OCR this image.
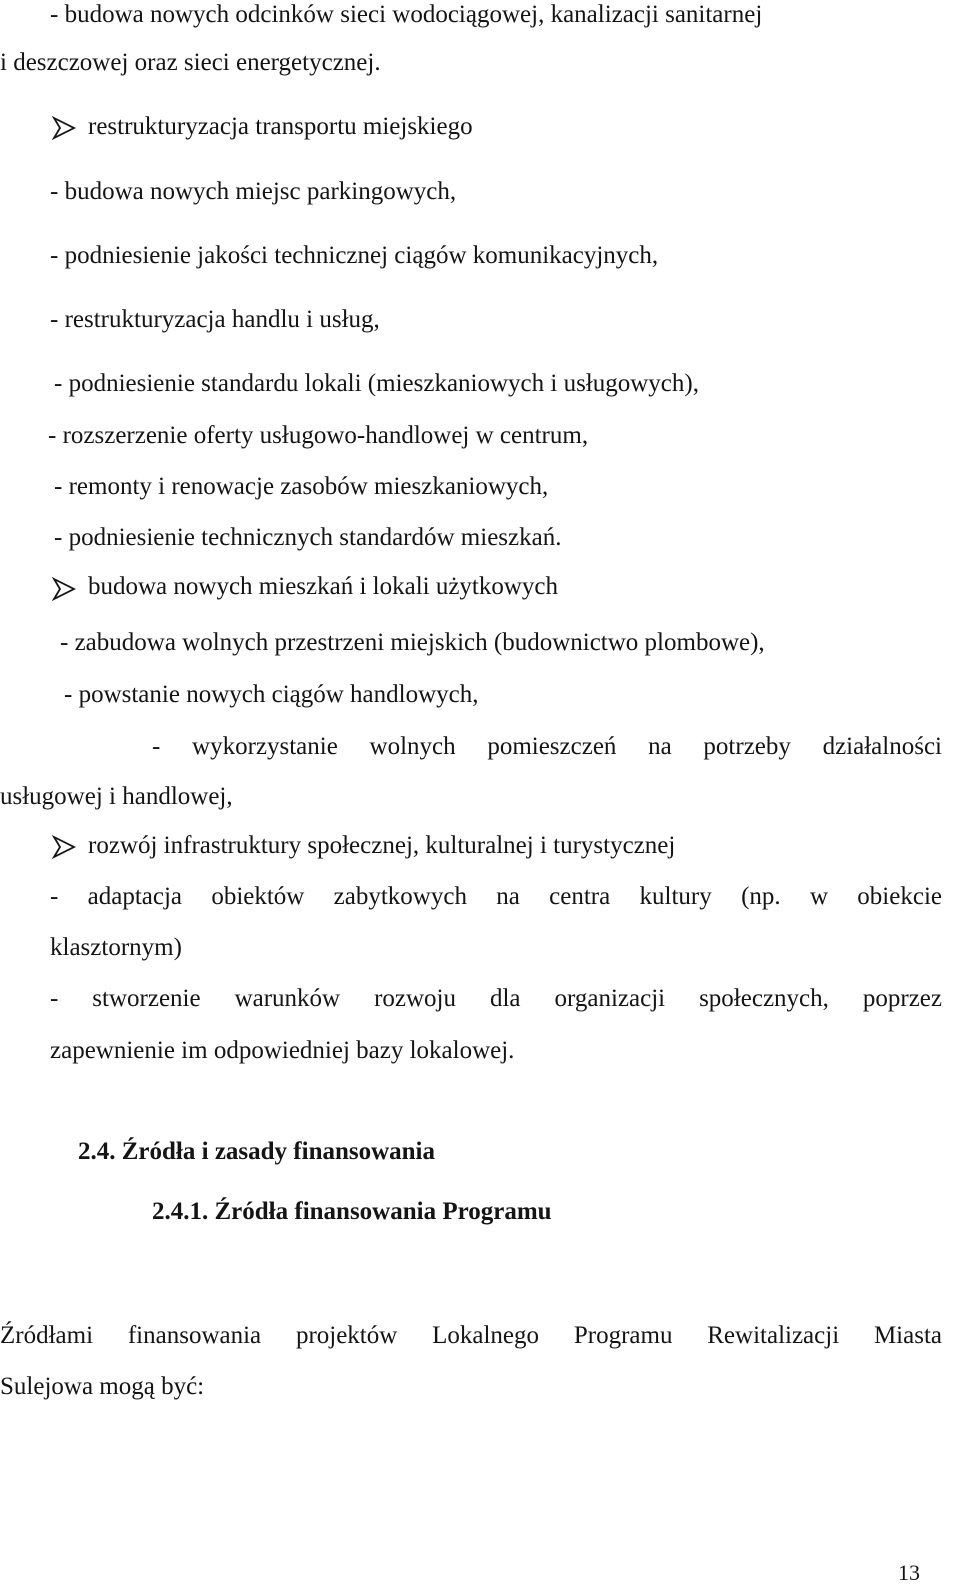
- budowa nowych odcinków sieci wodociągowej, kanalizacji sanitarnej
i deszczowej oraz sieci energetycznej.
restrukturyzacja transportu miejskiego
- budowa nowych miejsc parkingowych,
- podniesienie jakości technicznej ciągów komunikacyjnych,
- restrukturyzacja handlu i usług,
- podniesienie standardu lokali (mieszkaniowych i usługowych),
- rozszerzenie oferty usługowo-handlowej w centrum,
- remonty i renowacje zasobów mieszkaniowych,
- podniesienie technicznych standardów mieszkań.
budowa nowych mieszkań i lokali użytkowych
- zabudowa wolnych przestrzeni miejskich (budownictwo plombowe),
- powstanie nowych ciągów handlowych,
- wykorzystanie wolnych pomieszczeń na potrzeby działalności
usługowej i handlowej,
rozwój infrastruktury społecznej, kulturalnej i turystycznej
- adaptacja obiektów zabytkowych na centra kultury (np. w obiekcie
klasztornym)
- stworzenie warunków rozwoju dla organizacji społecznych, poprzez
zapewnienie im odpowiedniej bazy lokalowej.
2.4. Źródła i zasady finansowania
2.4.1. Źródła finansowania Programu
Źródłami finansowania projektów Lokalnego Programu Rewitalizacji Miasta
Sulejowa mogą być:
13
